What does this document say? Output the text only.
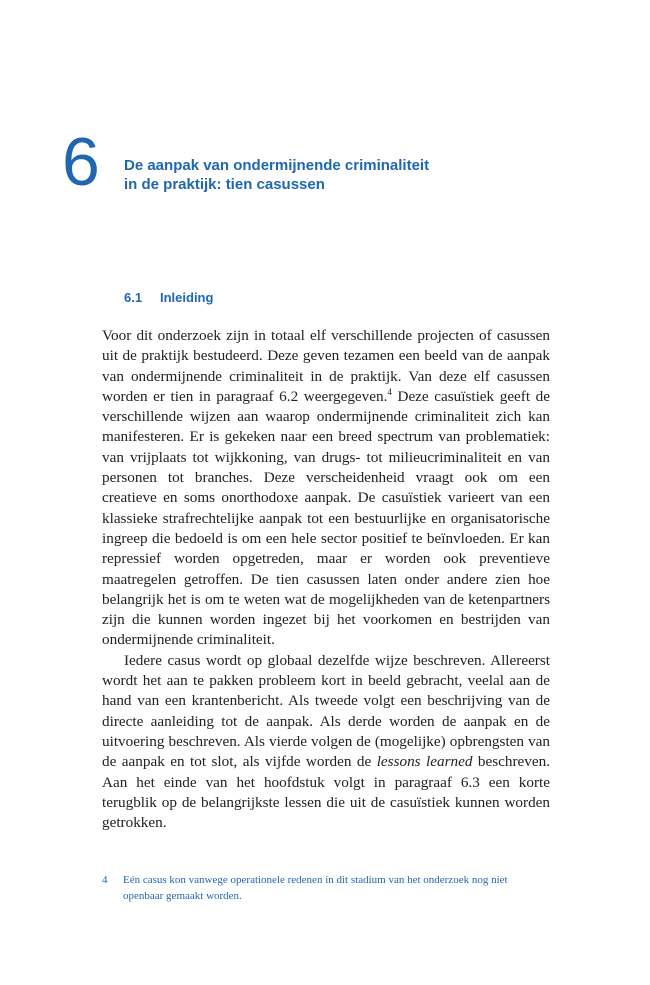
6 De aanpak van ondermijnende criminaliteit
in de praktijk: tien casussen
6.1 Inleiding

Voor dit onderzoek zijn in totaal elf verschillende projecten of casussen uit de praktijk bestudeerd. Deze geven tezamen een beeld van de aanpak van ondermijnende criminaliteit in de praktijk. Van deze elf casussen worden er tien in paragraaf 6.2 weergegeven.$^4$ Deze casuïstiek geeft de verschillende wijzen aan waarop ondermijnende criminaliteit zich kan manifesteren. Er is gekeken naar een breed spectrum van problematiek: van vrijplaats tot wijkkoning, van drugs- tot milieucriminaliteit en van personen tot branches. Deze verscheidenheid vraagt ook om een creatieve en soms onorthodoxe aanpak. De casuïstiek varieert van een klassieke strafrechtelijke aanpak tot een bestuurlijke en organisatorische ingreep die bedoeld is om een hele sector positief te beïnvloeden. Er kan repressief worden opgetreden, maar er worden ook preventieve maatregelen getroffen. De tien casussen laten onder andere zien hoe belangrijk het is om te weten wat de mogelijkheden van de ketenpartners zijn die kunnen worden ingezet bij het voorkomen en bestrijden van ondermijnende criminaliteit.

Iedere casus wordt op globaal dezelfde wijze beschreven. Allereerst wordt het aan te pakken probleem kort in beeld gebracht, veelal aan de hand van een krantenbericht. Als tweede volgt een beschrijving van de directe aanleiding tot de aanpak. Als derde worden de aanpak en de uitvoering beschreven. Als vierde volgen de (mogelijke) opbrengsten van de aanpak en tot slot, als vijfde worden de lessons learned beschreven. Aan het einde van het hoofdstuk volgt in paragraaf 6.3 een korte terugblik op de belangrijkste lessen die uit de casuïstiek kunnen worden getrokken.

4 Eén casus kon vanwege operationele redenen in dit stadium van het onderzoek nog niet openbaar gemaakt worden.
